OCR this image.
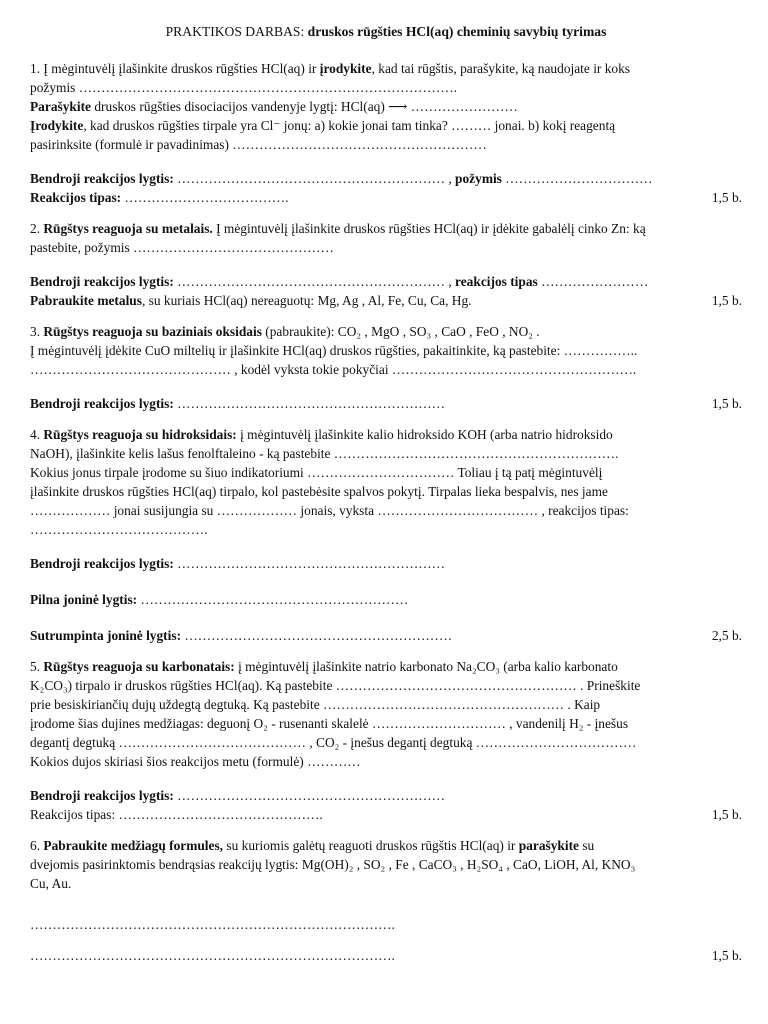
PRAKTIKOS DARBAS: druskos rūgšties HCl(aq) cheminių savybių tyrimas

1. Į mėgintuvėlį įlašinkite druskos rūgšties HCl(aq) ir įrodykite, kad tai rūgštis, parašykite, ką naudojate ir koks

požymis ………………………………………………………………………….

Parašykite druskos rūgšties disociacijos vandenyje lygtį: HCl(aq) ⟶ ……………………

Įrodykite, kad druskos rūgšties tirpale yra Cl⁻ jonų: a) kokie jonai tam tinka? ……… jonai. b) kokį reagentą

pasirinksite (formulė ir pavadinimas) …………………………………………………

Bendroji reakcijos lygtis: …………………………………………………… , požymis ……………………………

Reakcijos tipas: ……………………………….	1,5 b.

2. Rūgštys reaguoja su metalais. Į mėgintuvėlį įlašinkite druskos rūgšties HCl(aq) ir įdėkite gabalėlį cinko Zn: ką

pastebite, požymis ………………………………………

Bendroji reakcijos lygtis: …………………………………………………… , reakcijos tipas ……………………

Pabraukite metalus, su kuriais HCl(aq) nereaguotų: Mg, Ag , Al, Fe, Cu, Ca, Hg.	1,5 b.

3. Rūgštys reaguoja su baziniais oksidais (pabraukite): CO₂ , MgO , SO₃ , CaO , FeO , NO₂ .

Į mėgintuvėlį įdėkite CuO miltelių ir įlašinkite HCl(aq) druskos rūgšties, pakaitinkite, ką pastebite: ……………..

……………………………………… , kodėl vyksta tokie pokyčiai ……………………………………………….

Bendroji reakcijos lygtis: ……………………………………………………	1,5 b.

4. Rūgštys reaguoja su hidroksidais: į mėgintuvėlį įlašinkite kalio hidroksido KOH (arba natrio hidroksido

NaOH), įlašinkite kelis lašus fenolftaleino - ką pastebite ……………………………………………………….

Kokius jonus tirpale įrodome su šiuo indikatoriumi …………………………… Toliau į tą patį mėgintuvėlį

įlašinkite druskos rūgšties HCl(aq) tirpalo, kol pastebėsite spalvos pokytį. Tirpalas lieka bespalvis, nes jame

……………… jonai susijungia su ……………… jonais, vyksta ……………………………… , reakcijos tipas:

………………………………….

Bendroji reakcijos lygtis: ……………………………………………………

Pilna joninė lygtis: ……………………………………………………

Sutrumpinta joninė lygtis: ……………………………………………………	2,5 b.

5. Rūgštys reaguoja su karbonatais: į mėgintuvėlį įlašinkite natrio karbonato Na₂CO₃ (arba kalio karbonato

K₂CO₃) tirpalo ir druskos rūgšties HCl(aq). Ką pastebite ……………………………………………… . Prineškite

prie besiskiriančių dujų uždegtą degtuką. Ką pastebite ……………………………………………… . Kaip

įrodome šias dujines medžiagas: deguonį O₂ - rusenanti skalelė ………………………… , vandenilį H₂ - įnešus

degantį degtuką …………………………………… , CO₂ - įnešus degantį degtuką ………………………………

Kokios dujos skiriasi šios reakcijos metu (formulė) …………

Bendroji reakcijos lygtis: ……………………………………………………

Reakcijos tipas: ……………………………………….	1,5 b.

6. Pabraukite medžiagų formules, su kuriomis galėtų reaguoti druskos rūgštis HCl(aq) ir parašykite su

dvejomis pasirinktomis bendrąsias reakcijų lygtis: Mg(OH)₂ , SO₂ , Fe , CaCO₃ , H₂SO₄ , CaO, LiOH, Al, KNO₃

Cu, Au.

……………………………………………………………………….

……………………………………………………………………….	1,5 b.
